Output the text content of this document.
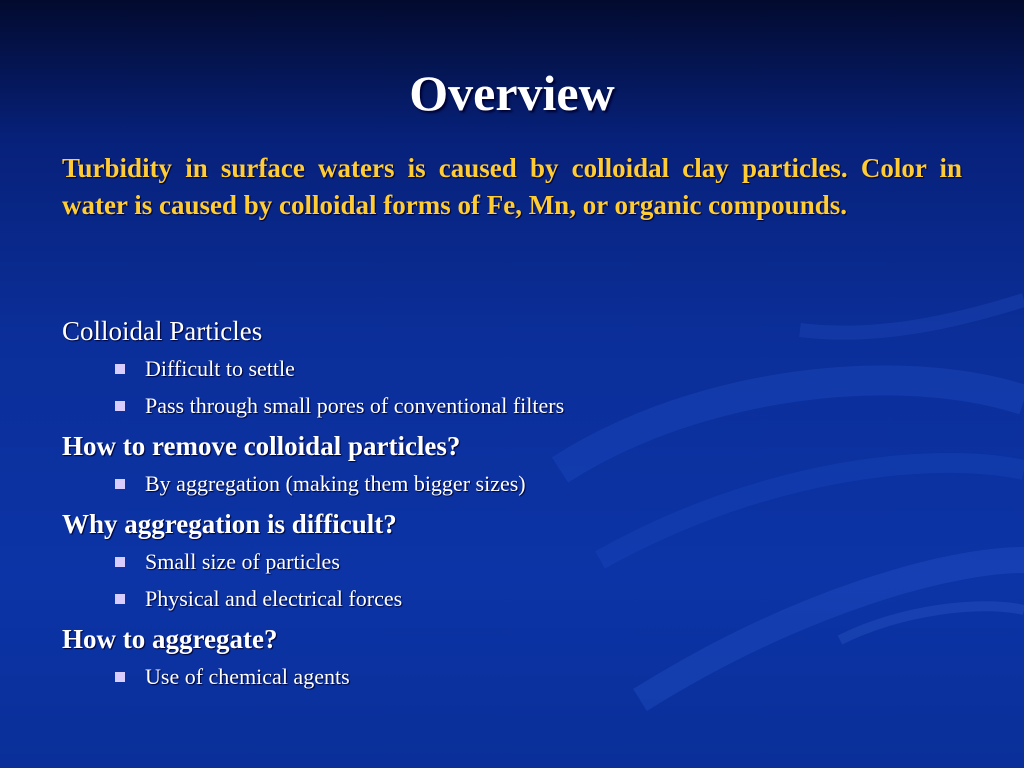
Overview
Turbidity in surface waters is caused by colloidal clay particles. Color in water is caused by colloidal forms of Fe, Mn, or organic compounds.
Colloidal Particles
Difficult to settle
Pass through small pores of conventional filters
How to remove colloidal particles?
By aggregation (making them bigger sizes)
Why aggregation is difficult?
Small size of particles
Physical and electrical forces
How to aggregate?
Use of chemical agents
